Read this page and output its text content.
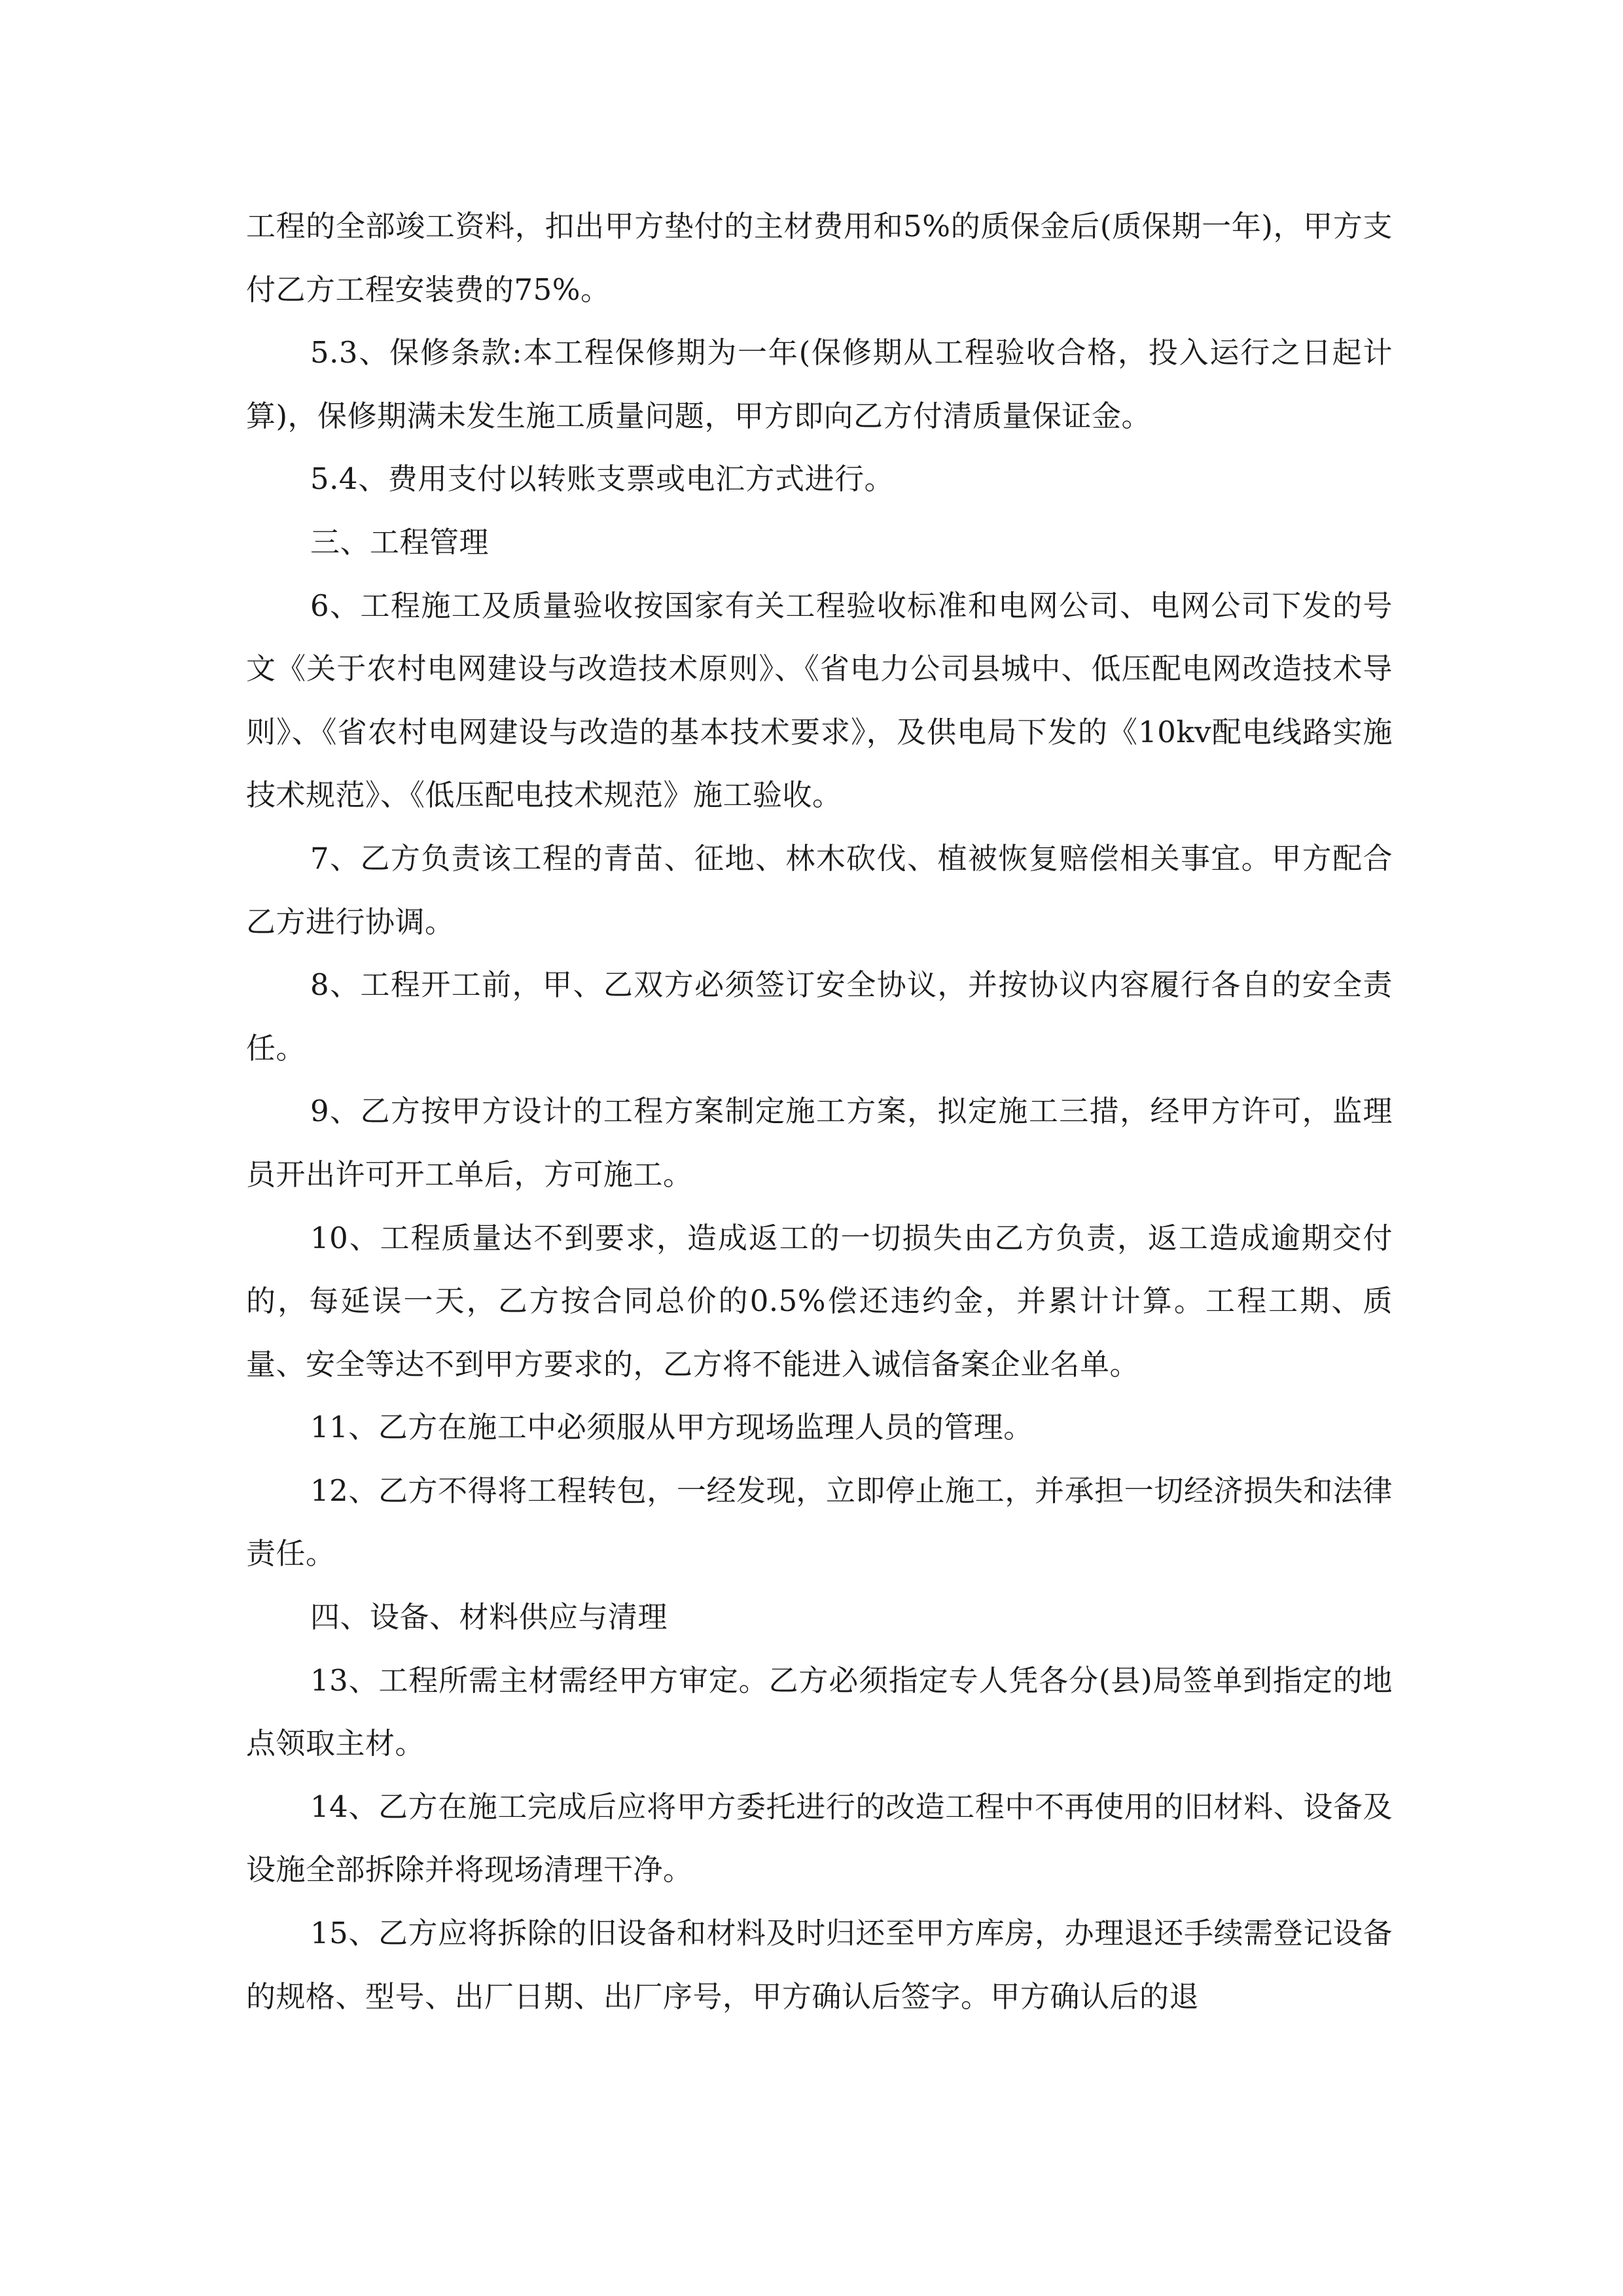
工程的全部竣工资料，扣出甲方垫付的主材费用和5%的质保金后(质保期一年)，甲方支付乙方工程安装费的75%。

5.3、保修条款:本工程保修期为一年(保修期从工程验收合格，投入运行之日起计算)，保修期满未发生施工质量问题，甲方即向乙方付清质量保证金。

5.4、费用支付以转账支票或电汇方式进行。

三、工程管理

6、工程施工及质量验收按国家有关工程验收标准和电网公司、电网公司下发的号文《关于农村电网建设与改造技术原则》、《省电力公司县城中、低压配电网改造技术导则》、《省农村电网建设与改造的基本技术要求》，及供电局下发的《10kv配电线路实施技术规范》、《低压配电技术规范》施工验收。

7、乙方负责该工程的青苗、征地、林木砍伐、植被恢复赔偿相关事宜。甲方配合乙方进行协调。

8、工程开工前，甲、乙双方必须签订安全协议，并按协议内容履行各自的安全责任。

9、乙方按甲方设计的工程方案制定施工方案，拟定施工三措，经甲方许可，监理员开出许可开工单后，方可施工。

10、工程质量达不到要求，造成返工的一切损失由乙方负责，返工造成逾期交付的，每延误一天，乙方按合同总价的0.5%偿还违约金，并累计计算。工程工期、质量、安全等达不到甲方要求的，乙方将不能进入诚信备案企业名单。

11、乙方在施工中必须服从甲方现场监理人员的管理。

12、乙方不得将工程转包，一经发现，立即停止施工，并承担一切经济损失和法律责任。

四、设备、材料供应与清理

13、工程所需主材需经甲方审定。乙方必须指定专人凭各分(县)局签单到指定的地点领取主材。

14、乙方在施工完成后应将甲方委托进行的改造工程中不再使用的旧材料、设备及设施全部拆除并将现场清理干净。

15、乙方应将拆除的旧设备和材料及时归还至甲方库房，办理退还手续需登记设备的规格、型号、出厂日期、出厂序号，甲方确认后签字。甲方确认后的退
